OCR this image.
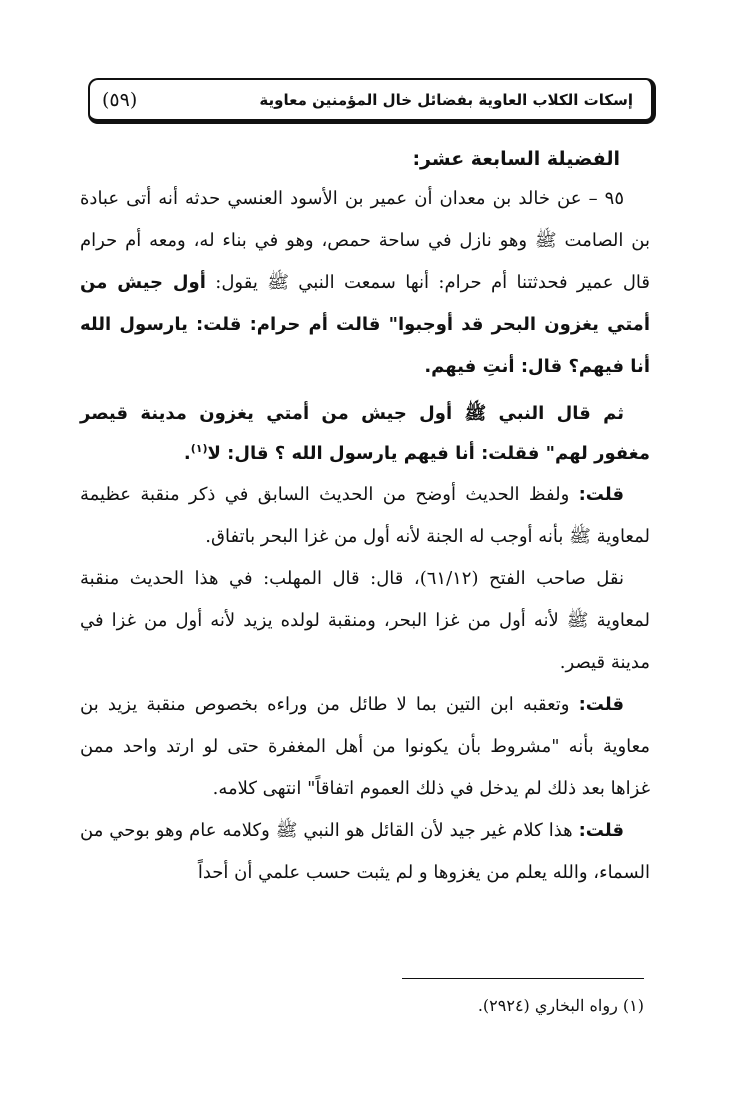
(٥٩)	إسكات الكلاب العاوية بفضائل خال المؤمنين معاوية

الفضيلة السابعة عشر:

٩٥ – عن خالد بن معدان أن عمير بن الأسود العنسي حدثه أنه أتى عبادة بن الصامت ﷺ وهو نازل في ساحة حمص، وهو في بناء له، ومعه أم حرام قال عمير فحدثتنا أم حرام: أنها سمعت النبي ﷺ يقول: أول جيش من أمتي يغزون البحر قد أوجبوا" قالت أم حرام: قلت: يارسول الله أنا فيهم؟ قال: أنتِ فيهم.

ثم قال النبي ﷺ أول جيش من أمتي يغزون مدينة قيصر مغفور لهم" فقلت: أنا فيهم يارسول الله ؟ قال: لا$^{(١)}$.

قلت: ولفظ الحديث أوضح من الحديث السابق في ذكر منقبة عظيمة لمعاوية ﷺ بأنه أوجب له الجنة لأنه أول من غزا البحر باتفاق.

نقل صاحب الفتح (٦١/١٢)، قال: قال المهلب: في هذا الحديث منقبة لمعاوية ﷺ لأنه أول من غزا البحر، ومنقبة لولده يزيد لأنه أول من غزا في مدينة قيصر.

قلت: وتعقبه ابن التين بما لا طائل من وراءه بخصوص منقبة يزيد بن معاوية بأنه "مشروط بأن يكونوا من أهل المغفرة حتى لو ارتد واحد ممن غزاها بعد ذلك لم يدخل في ذلك العموم اتفاقاً" انتهى كلامه.

قلت: هذا كلام غير جيد لأن القائل هو النبي ﷺ وكلامه عام وهو بوحي من السماء، والله يعلم من يغزوها و لم يثبت حسب علمي أن أحداً

(١) رواه البخاري (٢٩٢٤).
